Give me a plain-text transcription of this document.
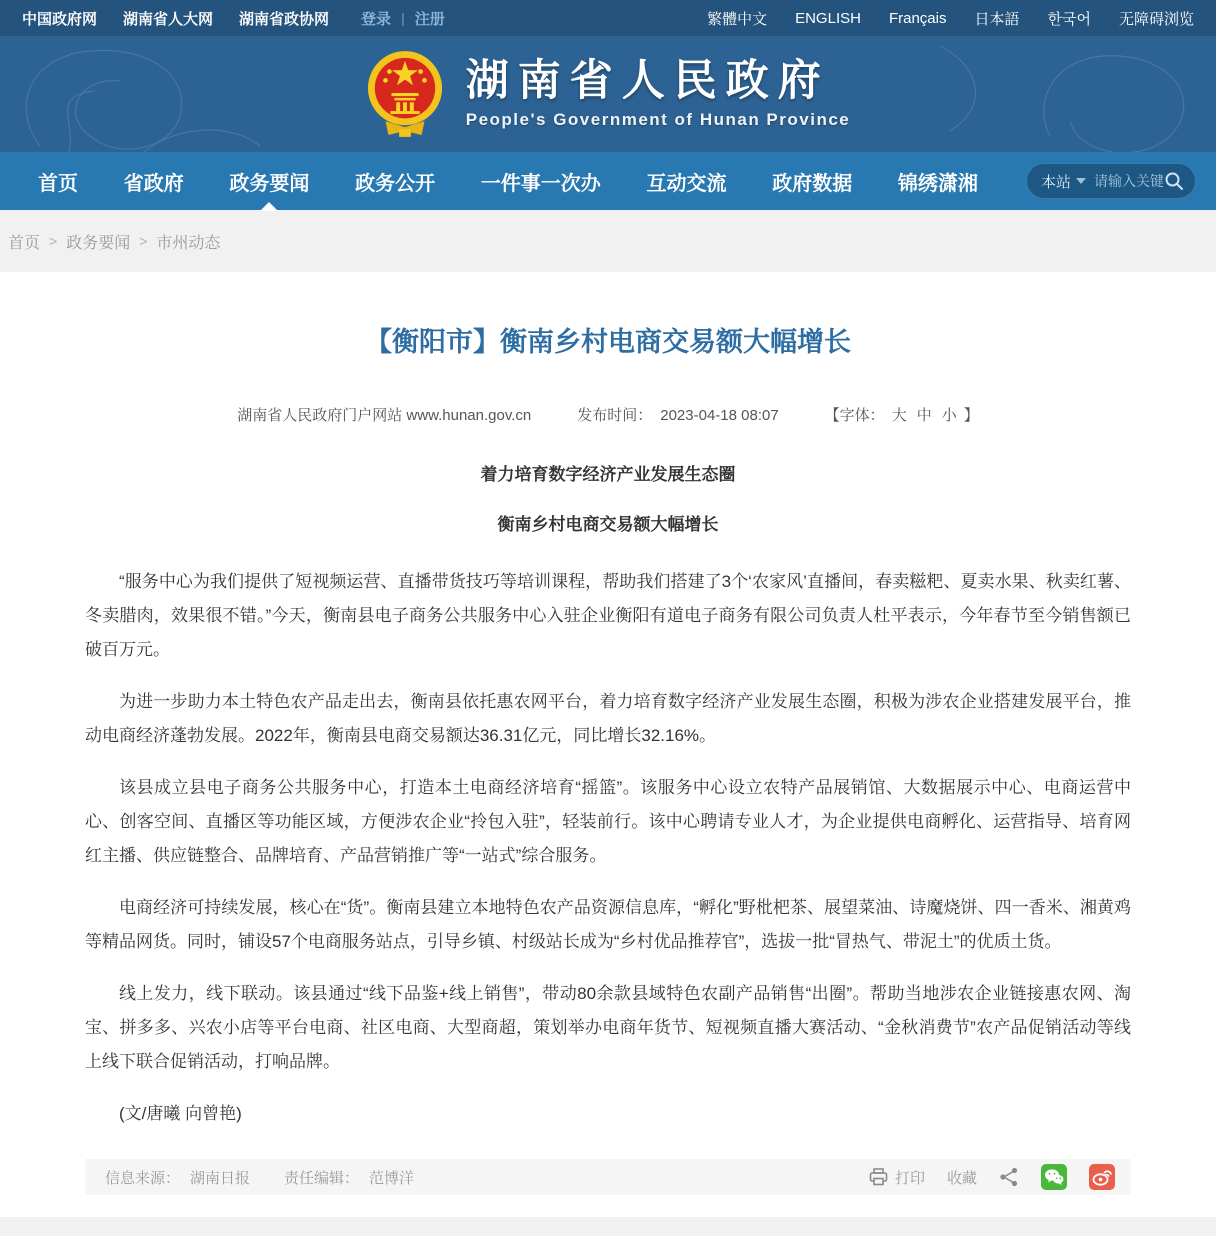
中国政府网 湖南省人大网 湖南省政协网 登录 | 注册	繁體中文 ENGLISH Français 日本語 한국어 无障碍浏览
湖南省人民政府
People's Government of Hunan Province
首页	省政府	政务要闻	政务公开	一件事一次办	互动交流	政府数据	锦绣潇湘	本站
请输入关键字
首页 > 政务要闻 > 市州动态
【衡阳市】衡南乡村电商交易额大幅增长
湖南省人民政府门户网站 www.hunan.gov.cn	发布时间： 2023-04-18 08:07	【字体： 大 中 小 】
着力培育数字经济产业发展生态圈
衡南乡村电商交易额大幅增长

“服务中心为我们提供了短视频运营、直播带货技巧等培训课程，帮助我们搭建了3个‘农家风’直播间，春卖糍粑、夏卖水果、秋卖红薯、冬卖腊肉，效果很不错。”今天，衡南县电子商务公共服务中心入驻企业衡阳有道电子商务有限公司负责人杜平表示，今年春节至今销售额已破百万元。

为进一步助力本土特色农产品走出去，衡南县依托惠农网平台，着力培育数字经济产业发展生态圈，积极为涉农企业搭建发展平台，推动电商经济蓬勃发展。2022年，衡南县电商交易额达36.31亿元，同比增长32.16%。

该县成立县电子商务公共服务中心，打造本土电商经济培育“摇篮”。该服务中心设立农特产品展销馆、大数据展示中心、电商运营中心、创客空间、直播区等功能区域，方便涉农企业“拎包入驻”，轻装前行。该中心聘请专业人才，为企业提供电商孵化、运营指导、培育网红主播、供应链整合、品牌培育、产品营销推广等“一站式”综合服务。

电商经济可持续发展，核心在“货”。衡南县建立本地特色农产品资源信息库，“孵化”野枇杷茶、展望菜油、诗魔烧饼、四一香米、湘黄鸡等精品网货。同时，铺设57个电商服务站点，引导乡镇、村级站长成为“乡村优品推荐官”，选拔一批“冒热气、带泥土”的优质土货。

线上发力，线下联动。该县通过“线下品鉴+线上销售”，带动80余款县域特色农副产品销售“出圈”。帮助当地涉农企业链接惠农网、淘宝、拼多多、兴农小店等平台电商、社区电商、大型商超，策划举办电商年货节、短视频直播大赛活动、“金秋消费节”农产品促销活动等线上线下联合促销活动，打响品牌。

(文/唐曦 向曾艳)

信息来源： 湖南日报 责任编辑： 范博洋	打印 收藏
